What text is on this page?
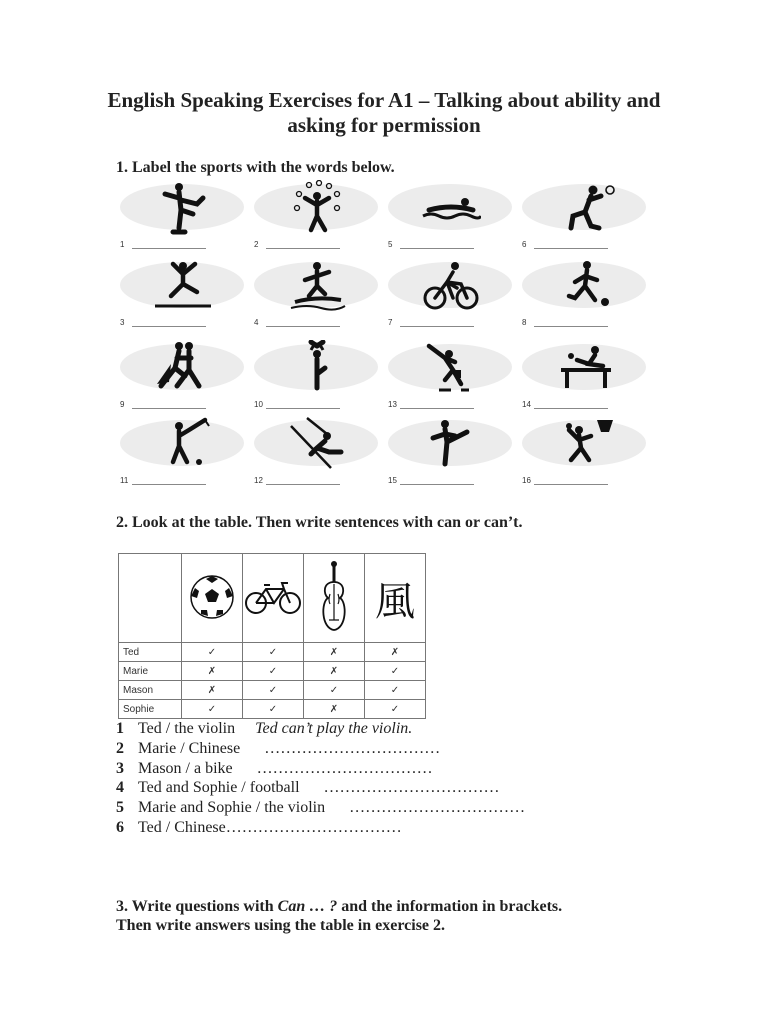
English Speaking Exercises for A1 – Talking about ability and asking for permission
1. Label the sports with the words below.
1	2	5	6
3	4	7	8
9	10	13	14
11	12	15	16
2. Look at the table. Then write sentences with can or can’t.
				風
Ted	✓	✓	✗	✗
Marie	✗	✓	✗	✓
Mason	✗	✓	✓	✓
Sophie	✓	✓	✗	✓
1 Ted / the violin Ted can’t play the violin.
2 Marie / Chinese ……………………………
3 Mason / a bike ……………………………
4 Ted and Sophie / football ……………………………
5 Marie and Sophie / the violin ……………………………
6 Ted / Chinese……………………………
3. Write questions with Can … ? and the information in brackets.
Then write answers using the table in exercise 2.
